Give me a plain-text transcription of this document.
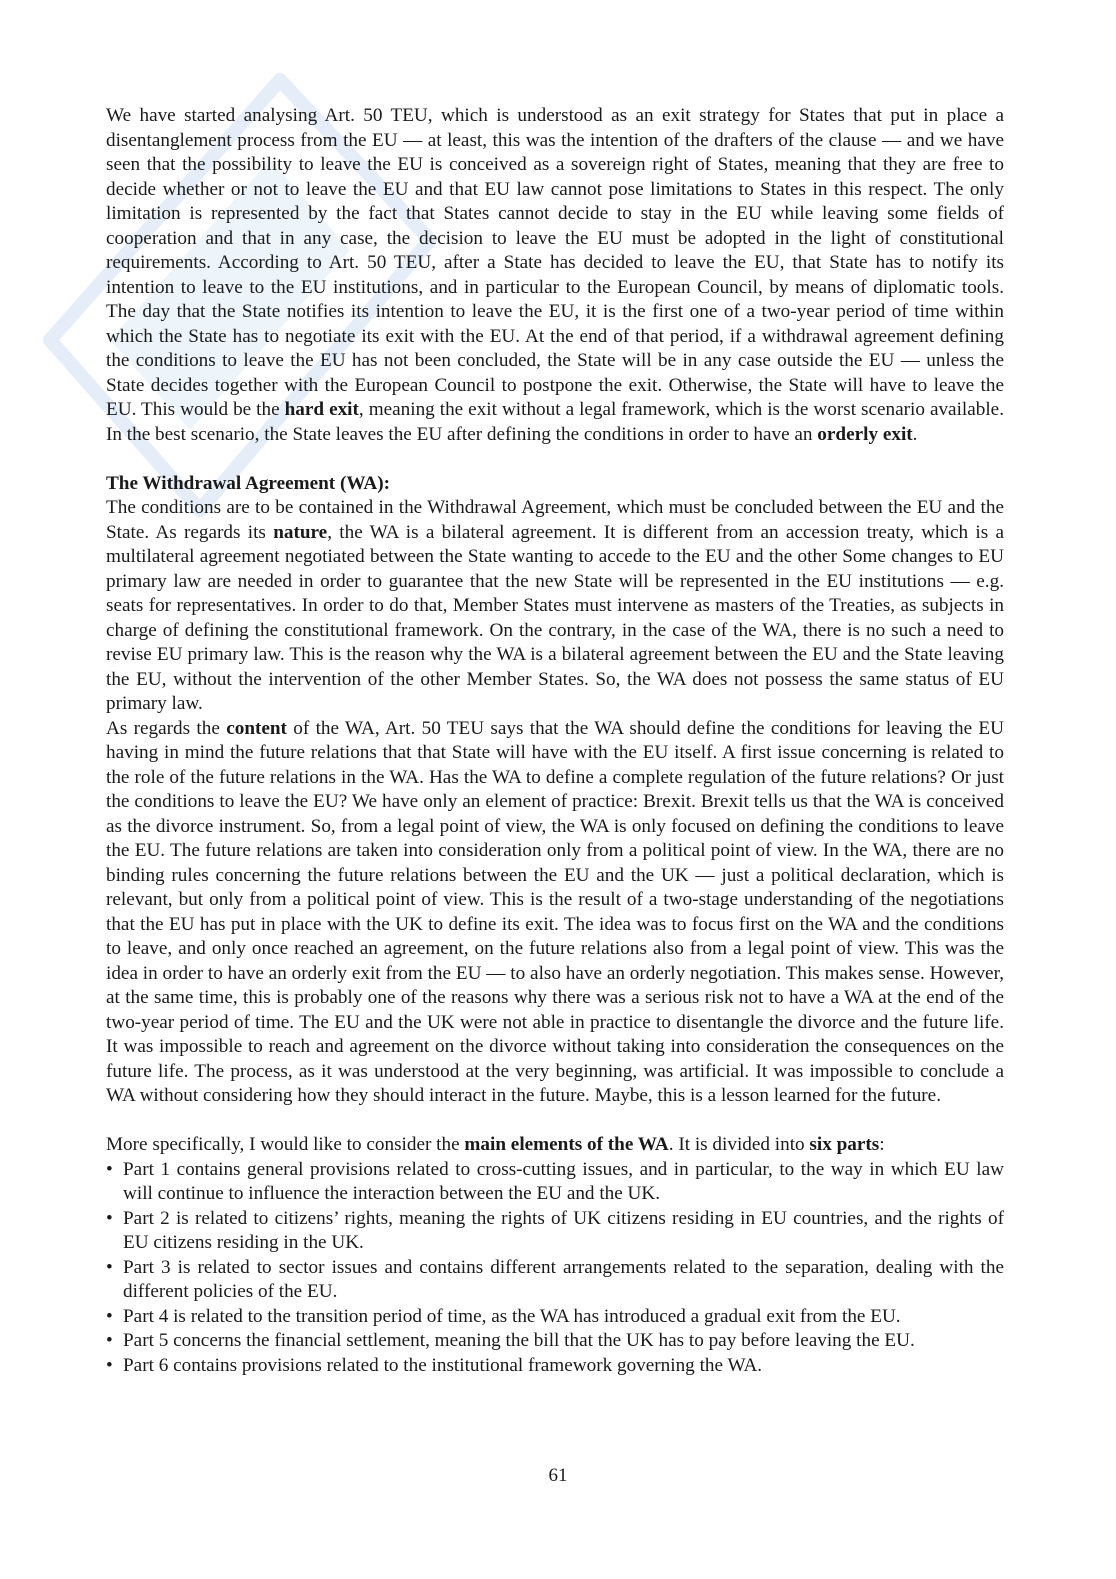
We have started analysing Art. 50 TEU, which is understood as an exit strategy for States that put in place a disentanglement process from the EU — at least, this was the intention of the drafters of the clause — and we have seen that the possibility to leave the EU is conceived as a sovereign right of States, meaning that they are free to decide whether or not to leave the EU and that EU law cannot pose limitations to States in this respect. The only limitation is represented by the fact that States cannot decide to stay in the EU while leaving some fields of cooperation and that in any case, the decision to leave the EU must be adopted in the light of constitutional requirements. According to Art. 50 TEU, after a State has decided to leave the EU, that State has to notify its intention to leave to the EU institutions, and in particular to the European Council, by means of diplomatic tools. The day that the State notifies its intention to leave the EU, it is the first one of a two-year period of time within which the State has to negotiate its exit with the EU. At the end of that period, if a withdrawal agreement defining the conditions to leave the EU has not been concluded, the State will be in any case outside the EU — unless the State decides together with the European Council to postpone the exit. Otherwise, the State will have to leave the EU. This would be the hard exit, meaning the exit without a legal framework, which is the worst scenario available. In the best scenario, the State leaves the EU after defining the conditions in order to have an orderly exit.

The Withdrawal Agreement (WA):

The conditions are to be contained in the Withdrawal Agreement, which must be concluded between the EU and the State. As regards its nature, the WA is a bilateral agreement. It is different from an accession treaty, which is a multilateral agreement negotiated between the State wanting to accede to the EU and the other Some changes to EU primary law are needed in order to guarantee that the new State will be represented in the EU institutions — e.g. seats for representatives. In order to do that, Member States must intervene as masters of the Treaties, as subjects in charge of defining the constitutional framework. On the contrary, in the case of the WA, there is no such a need to revise EU primary law. This is the reason why the WA is a bilateral agreement between the EU and the State leaving the EU, without the intervention of the other Member States. So, the WA does not possess the same status of EU primary law.

As regards the content of the WA, Art. 50 TEU says that the WA should define the conditions for leaving the EU having in mind the future relations that that State will have with the EU itself. A first issue concerning is related to the role of the future relations in the WA. Has the WA to define a complete regulation of the future relations? Or just the conditions to leave the EU? We have only an element of practice: Brexit. Brexit tells us that the WA is conceived as the divorce instrument. So, from a legal point of view, the WA is only focused on defining the conditions to leave the EU. The future relations are taken into consideration only from a political point of view. In the WA, there are no binding rules concerning the future relations between the EU and the UK — just a political declaration, which is relevant, but only from a political point of view. This is the result of a two-stage understanding of the negotiations that the EU has put in place with the UK to define its exit. The idea was to focus first on the WA and the conditions to leave, and only once reached an agreement, on the future relations also from a legal point of view. This was the idea in order to have an orderly exit from the EU — to also have an orderly negotiation. This makes sense. However, at the same time, this is probably one of the reasons why there was a serious risk not to have a WA at the end of the two-year period of time. The EU and the UK were not able in practice to disentangle the divorce and the future life. It was impossible to reach and agreement on the divorce without taking into consideration the consequences on the future life. The process, as it was understood at the very beginning, was artificial. It was impossible to conclude a WA without considering how they should interact in the future. Maybe, this is a lesson learned for the future.

More specifically, I would like to consider the main elements of the WA. It is divided into six parts:

• Part 1 contains general provisions related to cross-cutting issues, and in particular, to the way in which EU law will continue to influence the interaction between the EU and the UK.
• Part 2 is related to citizens’ rights, meaning the rights of UK citizens residing in EU countries, and the rights of EU citizens residing in the UK.
• Part 3 is related to sector issues and contains different arrangements related to the separation, dealing with the different policies of the EU.
• Part 4 is related to the transition period of time, as the WA has introduced a gradual exit from the EU.
• Part 5 concerns the financial settlement, meaning the bill that the UK has to pay before leaving the EU.
• Part 6 contains provisions related to the institutional framework governing the WA.
61
